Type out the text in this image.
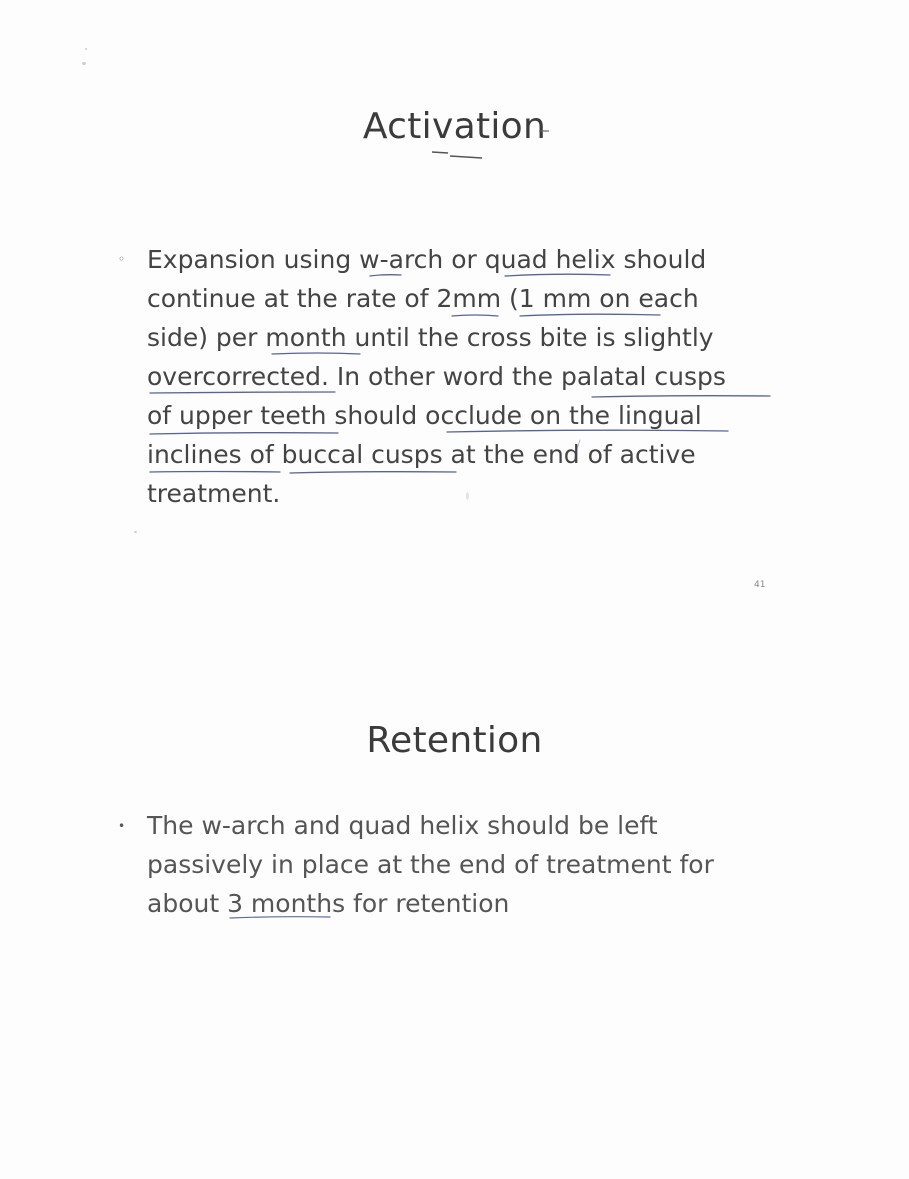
Activation
◦ Expansion using w-arch or quad helix should
continue at the rate of 2mm (1 mm on each
side) per month until the cross bite is slightly
overcorrected. In other word the palatal cusps
of upper teeth should occlude on the lingual
inclines of buccal cusps at the end of active
treatment.
41
Retention
• The w-arch and quad helix should be left
passively in place at the end of treatment for
about 3 months for retention
